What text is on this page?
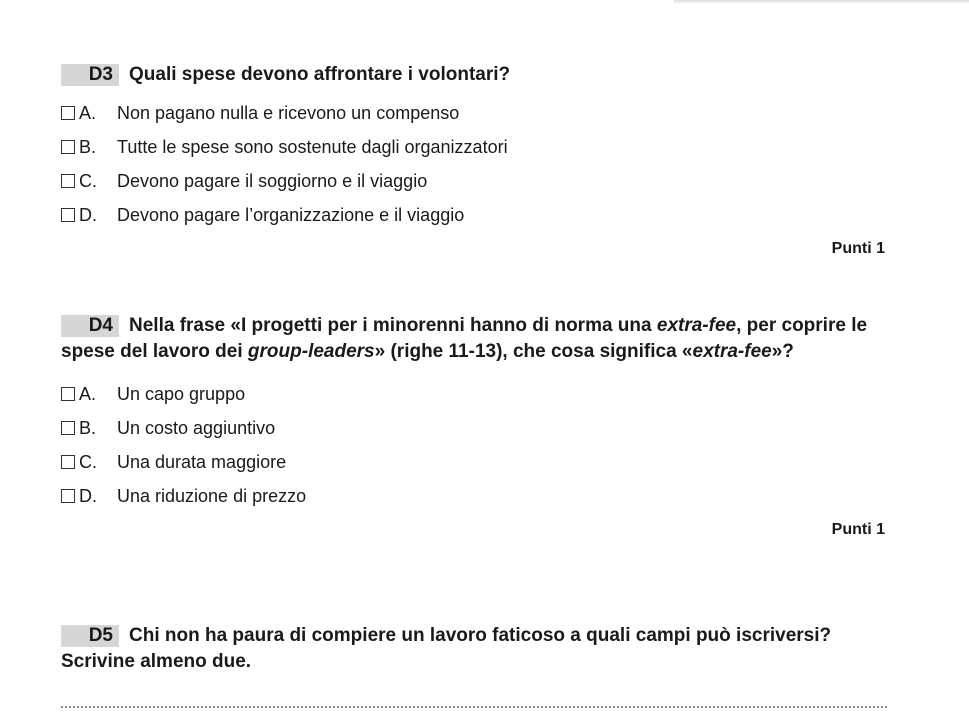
D3 Quali spese devono affrontare i volontari?

A.	Non pagano nulla e ricevono un compenso
B.	Tutte le spese sono sostenute dagli organizzatori
C.	Devono pagare il soggiorno e il viaggio
D.	Devono pagare l’organizzazione e il viaggio
Punti 1

D4 Nella frase «I progetti per i minorenni hanno di norma una extra-fee, per coprire le spese del lavoro dei group-leaders» (righe 11-13), che cosa significa «extra-fee»?

A.	Un capo gruppo
B.	Un costo aggiuntivo
C.	Una durata maggiore
D.	Una riduzione di prezzo
Punti 1

D5 Chi non ha paura di compiere un lavoro faticoso a quali campi può iscriversi? Scrivine almeno due.
